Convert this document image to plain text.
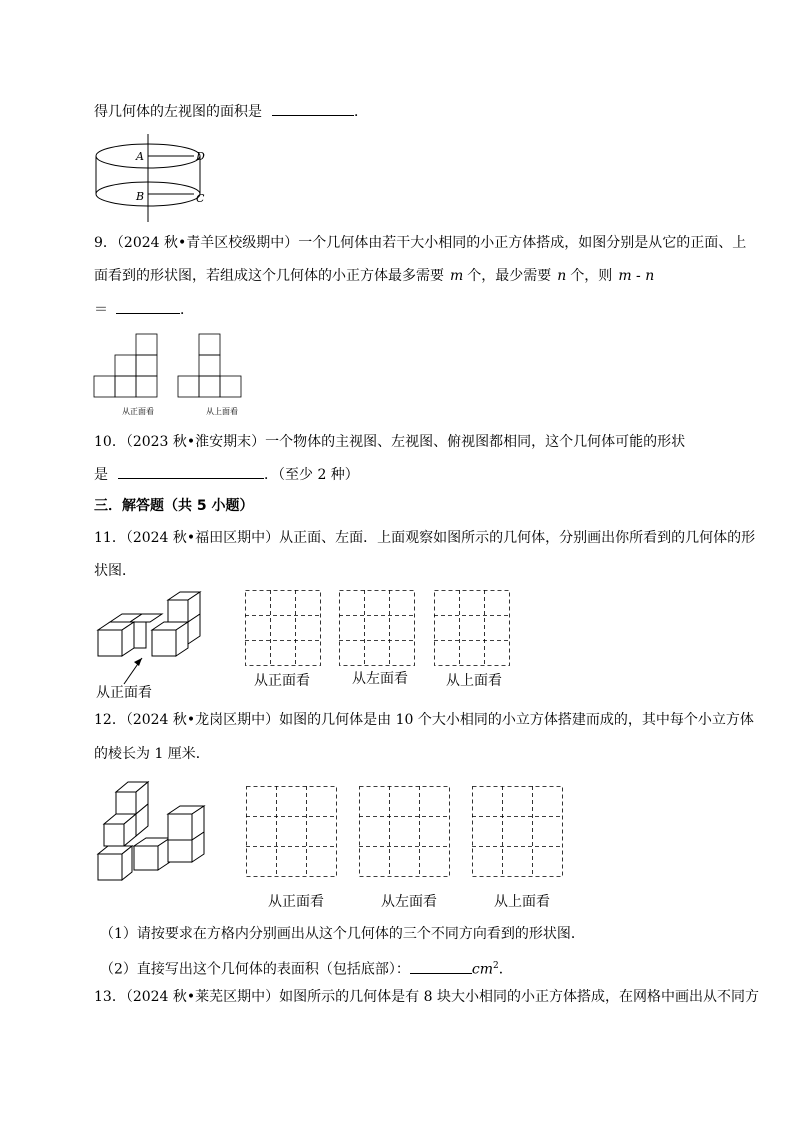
得几何体的左视图的面积是	．
A	D
B	C
9．（2024 秋•青羊区校级期中）一个几何体由若干大小相同的小正方体搭成，如图分别是从它的正面、上
面看到的形状图，若组成这个几何体的小正方体最多需要 m 个，最少需要 n 个，则 m - n
＝	．
从正面看	从上面看
10．（2023 秋•淮安期末）一个物体的主视图、左视图、俯视图都相同，这个几何体可能的形状
是	．（至少 2 种）
三．解答题（共 5 小题）
11．（2024 秋•福田区期中）从正面、左面．上面观察如图所示的几何体，分别画出你所看到的几何体的形
状图．
从正面看
从正面看	从左面看	从上面看
12．（2024 秋•龙岗区期中）如图的几何体是由 10 个大小相同的小立方体搭建而成的，其中每个小立方体
的棱长为 1 厘米．
从正面看	从左面看	从上面看
（1）请按要求在方格内分别画出从这个几何体的三个不同方向看到的形状图．
（2）直接写出这个几何体的表面积（包括底部）：	$cm^2$．
13．（2024 秋•莱芜区期中）如图所示的几何体是有 8 块大小相同的小正方体搭成，在网格中画出从不同方
